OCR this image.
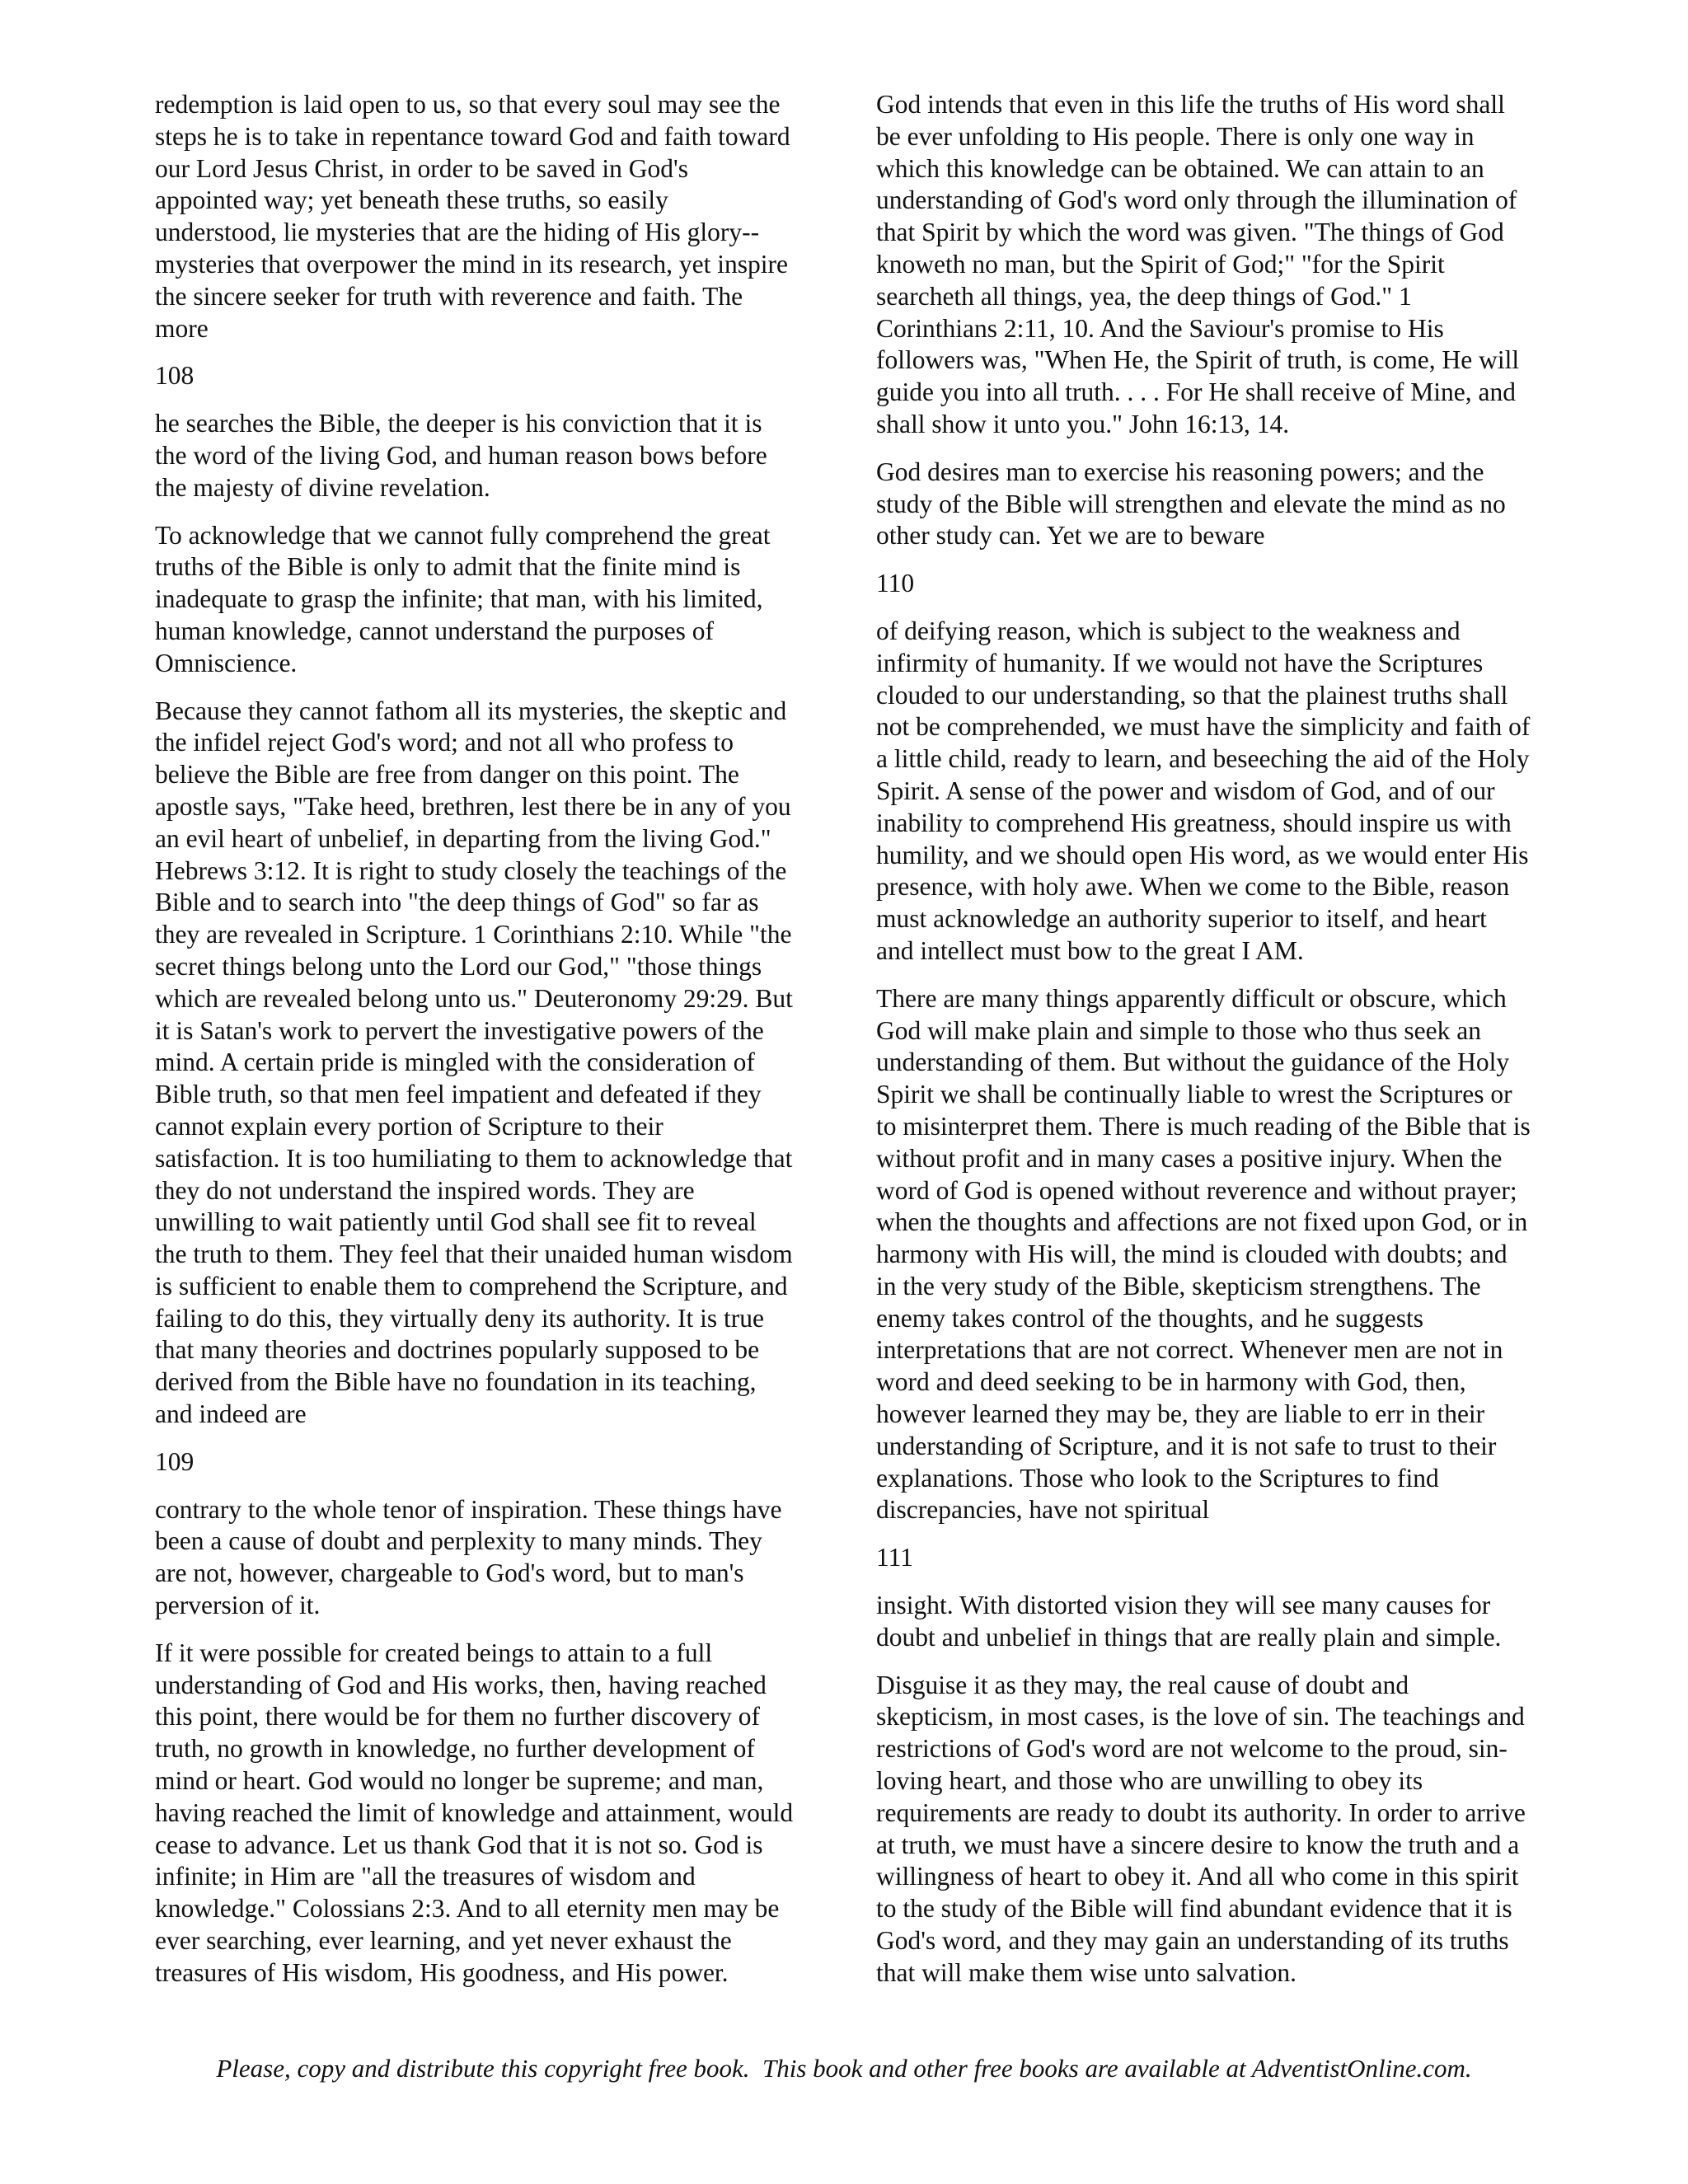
redemption is laid open to us, so that every soul may see the
steps he is to take in repentance toward God and faith toward
our Lord Jesus Christ, in order to be saved in God's
appointed way; yet beneath these truths, so easily
understood, lie mysteries that are the hiding of His glory--
mysteries that overpower the mind in its research, yet inspire
the sincere seeker for truth with reverence and faith. The
more

108

he searches the Bible, the deeper is his conviction that it is
the word of the living God, and human reason bows before
the majesty of divine revelation.

To acknowledge that we cannot fully comprehend the great
truths of the Bible is only to admit that the finite mind is
inadequate to grasp the infinite; that man, with his limited,
human knowledge, cannot understand the purposes of
Omniscience.

Because they cannot fathom all its mysteries, the skeptic and
the infidel reject God's word; and not all who profess to
believe the Bible are free from danger on this point. The
apostle says, "Take heed, brethren, lest there be in any of you
an evil heart of unbelief, in departing from the living God."
Hebrews 3:12. It is right to study closely the teachings of the
Bible and to search into "the deep things of God" so far as
they are revealed in Scripture. 1 Corinthians 2:10. While "the
secret things belong unto the Lord our God," "those things
which are revealed belong unto us." Deuteronomy 29:29. But
it is Satan's work to pervert the investigative powers of the
mind. A certain pride is mingled with the consideration of
Bible truth, so that men feel impatient and defeated if they
cannot explain every portion of Scripture to their
satisfaction. It is too humiliating to them to acknowledge that
they do not understand the inspired words. They are
unwilling to wait patiently until God shall see fit to reveal
the truth to them. They feel that their unaided human wisdom
is sufficient to enable them to comprehend the Scripture, and
failing to do this, they virtually deny its authority. It is true
that many theories and doctrines popularly supposed to be
derived from the Bible have no foundation in its teaching,
and indeed are

109

contrary to the whole tenor of inspiration. These things have
been a cause of doubt and perplexity to many minds. They
are not, however, chargeable to God's word, but to man's
perversion of it.

If it were possible for created beings to attain to a full
understanding of God and His works, then, having reached
this point, there would be for them no further discovery of
truth, no growth in knowledge, no further development of
mind or heart. God would no longer be supreme; and man,
having reached the limit of knowledge and attainment, would
cease to advance. Let us thank God that it is not so. God is
infinite; in Him are "all the treasures of wisdom and
knowledge." Colossians 2:3. And to all eternity men may be
ever searching, ever learning, and yet never exhaust the
treasures of His wisdom, His goodness, and His power.

God intends that even in this life the truths of His word shall
be ever unfolding to His people. There is only one way in
which this knowledge can be obtained. We can attain to an
understanding of God's word only through the illumination of
that Spirit by which the word was given. "The things of God
knoweth no man, but the Spirit of God;" "for the Spirit
searcheth all things, yea, the deep things of God." 1
Corinthians 2:11, 10. And the Saviour's promise to His
followers was, "When He, the Spirit of truth, is come, He will
guide you into all truth. . . . For He shall receive of Mine, and
shall show it unto you." John 16:13, 14.

God desires man to exercise his reasoning powers; and the
study of the Bible will strengthen and elevate the mind as no
other study can. Yet we are to beware

110

of deifying reason, which is subject to the weakness and
infirmity of humanity. If we would not have the Scriptures
clouded to our understanding, so that the plainest truths shall
not be comprehended, we must have the simplicity and faith of
a little child, ready to learn, and beseeching the aid of the Holy
Spirit. A sense of the power and wisdom of God, and of our
inability to comprehend His greatness, should inspire us with
humility, and we should open His word, as we would enter His
presence, with holy awe. When we come to the Bible, reason
must acknowledge an authority superior to itself, and heart
and intellect must bow to the great I AM.

There are many things apparently difficult or obscure, which
God will make plain and simple to those who thus seek an
understanding of them. But without the guidance of the Holy
Spirit we shall be continually liable to wrest the Scriptures or
to misinterpret them. There is much reading of the Bible that is
without profit and in many cases a positive injury. When the
word of God is opened without reverence and without prayer;
when the thoughts and affections are not fixed upon God, or in
harmony with His will, the mind is clouded with doubts; and
in the very study of the Bible, skepticism strengthens. The
enemy takes control of the thoughts, and he suggests
interpretations that are not correct. Whenever men are not in
word and deed seeking to be in harmony with God, then,
however learned they may be, they are liable to err in their
understanding of Scripture, and it is not safe to trust to their
explanations. Those who look to the Scriptures to find
discrepancies, have not spiritual

111

insight. With distorted vision they will see many causes for
doubt and unbelief in things that are really plain and simple.

Disguise it as they may, the real cause of doubt and
skepticism, in most cases, is the love of sin. The teachings and
restrictions of God's word are not welcome to the proud, sin-
loving heart, and those who are unwilling to obey its
requirements are ready to doubt its authority. In order to arrive
at truth, we must have a sincere desire to know the truth and a
willingness of heart to obey it. And all who come in this spirit
to the study of the Bible will find abundant evidence that it is
God's word, and they may gain an understanding of its truths
that will make them wise unto salvation.

Please, copy and distribute this copyright free book.  This book and other free books are available at AdventistOnline.com.
